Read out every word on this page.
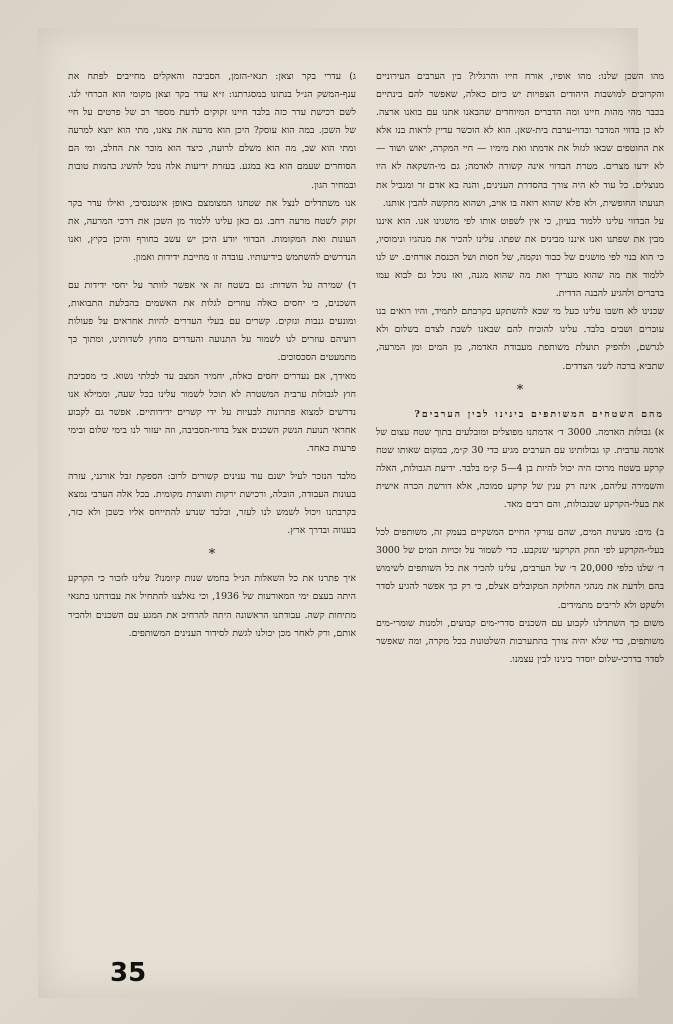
מהו השכן שלנו: מהו אופיו, אורח חייו והרגליו? בין הערבים העירוניים והקרובים למושבות היהודים הצפויות יש כיום כאלה, שאפשר להם בינתיים בכבר מהי מהות חיינו ומה הדברים המיוחדים שהבאנו אתנו עם בואנו ארצה. לא כן בדווי המדבר ובדוי-ערבת בית-שאן. הוא לא הוכשר עדיין לראות בנו אלא את החוטפים שבאו לגזול את אדמתו ואת מימיו — חיי המקרה, יאוש ושוד — לא ידעו מצרים. מטרת הבדווי אינה קשורה לאדמה; גם מי-השקאה לא היו מנוצלים. כל עוד לא היה צורך בהסדרת הענינים, והנה בא אדם זר ומגביל את תנועתו החופשית, ולא פלא שהוא רואה בו אויב, ושהוא מתקשה להבין אותנו.

על הבדווי עלינו ללמוד בעיון, כי אין לשפוט אותו לפי מושגינו אנו. הוא איננו מבין את שפתנו ואנו איננו מבינים את שפתו. עלינו להכיר את מנהגיו ונימוסיו, כי הוא בנוי לפי מושגים של כבוד ונקמה, של חסות ושל הכנסת אורחים. יש לנו ללמוד את מה שהוא מעריך ואת מה שהוא מגנה, ואז נוכל גם לבוא עמו בדברים ולהגיע להבנה הדדית.

שכנינו לא חשבו עלינו כעל מי שבא להשתקע בקרבתם לתמיד, והיו רואים בנו עוברים ושבים בלבד. עלינו להוכיח להם שבאנו לשבת לצדם בשלום ולא לגרשם, ולהפיק תועלת משותפת מעבודת האדמה, מן המים ומן המרעה, שתביא ברכה לשני הצדדים.

*

מהם השטחים המשותפים בינינו לבין הערבים?

א) גבולות האדמה. 3000 ד׳ אדמתנו מפוצלים ומובלעים בתוך שטח עצום של אדמה ערבית. קו גבולותינו עם הערבים מגיע כדי 30 ק״מ, במקום שאותו שטח קרקע בשטח מרוכז היה יכול להיות בן 4—5 ק״מ בלבד. ידיעת הגבולות, האלה והשמירה עליהם, אינה רק ענין של קרקע סמוכה, אלא דורשת הכרה אישית את בעלי-הקרקע שבגבולות, והם רבים מאד.

ב) מים: מעינות המים, שהם עורקי החיים המשקיים בעמק זה, משותפים לכל בעלי-הקרקע לפי החק הקרקעי שנקבע. כדי לשמור על זכויות המים של 3000 ד׳ שלנו כלפי 20,000 ד׳ של הערבים, עלינו להכיר את כל השותפים לשימוש בהם ולדעת את מנהגי החלוקה המקובלים אצלם, כי רק כך אפשר להגיע לסדר ולשקט ולא לריבים מתמידים.

משום כך השתדלנו לקבוע עם השכנים סדרי-מים קבועים, ולמנות שומרי-מים משותפים, כדי שלא יהיה צורך בהתערבות השלטונות בכל מקרה, ומה שאפשר לסדר בדרכי-שלום יוסדר בינינו לבין עצמנו.

ג) עדרי בקר וצאן: תנאי-הזמן, הסביבה והאקלים מחייבים לפתח את ענף-המשק הנ״ל בנתונו במסגרתנו: ז״א עדר בקר וצאן מקומי הוא הכרחי לנו. לשם רכישת עדר כזה בלבד חיינו זקוקים לדעת מספר רב של פרטים על חיי של השכן. במה הוא עוסק? היכן הוא מרעה את צאנו, מתי הוא יוצא למרעה ומתי הוא שב, מה הוא משלם לרועה, כיצד הוא מוכר את החלב, ומי הם הסוחרים שעמם הוא בא במגע. בעזרת ידיעות אלה נוכל להשיג בהמות טובות ובמחיר הגון.

אנו משתדלים לנצל את שטחנו המצומצם באופן אינטנסיבי, ואילו עדר בקר זקוק לשטח מרעה רחב. גם כאן עלינו ללמוד מן השכן את דרכי המרעה, את העונות ואת המקומות. הבדווי יודע היכן יש עשב בחורף והיכן בקיץ, ואנו הנדרשים להשתמש בידיעותיו. עובדה זו מחייבת ידידות ואמון.

ד) שמירה על השדות: גם בשטח זה אי אפשר לוותר על יחסי ידידות עם השכנים, כי יחסים כאלה עוזרים לגלות את האשמים בהבלעת התבואות, ומונעים גנבות ונזקים. קשרים עם בעלי העדרים להיות אחראים על פעולות רועיהם עוזרים לנו לשמור על התנועה והעדרים מחוץ לשדותינו, ומתוך כך מתמעטים הסכסוכים.

מאידך, אם נעדרים יחסים כאלה, יחמיר המצב עד לבלתי נשוא. כי מסביבת חוץ לגבולות ערבית המשטרה לא תוכל לשמור עלינו בכל שעה, וממילא אנו נדרשים למצוא פתרונות לבעיות על ידי קשרים ידידותיים. אפשר גם לקבוע אחראי תנועת הנשק השכנים אצל בדווי-הסביבה, וזה יעזור לנו בימי שלום ובימי פרעות כאחד.

מלבד הנזכר לעיל ישנם עוד ענינים קשורים לרוב: הספקת זבל אורגני, עזרה בעונות העבודה, הובלה, ורכישת ירקות ותוצרת מקומית. בכל אלה הערבי נמצא בקרבתנו ויכול לשמש לנו לעזר, ובלבד שנדע להתייחס אליו כשכן ולא כזר, בענווה ובדרך ארץ.

*

איך פתרנו את כל השאלות הנ״ל בחמש שנות קיומנו? עלינו לזכור כי הקרקע היתה בעצם ימי המאורעות של 1936, וכי נאלצנו להתחיל את עבודתנו בתנאי מתיחות קשה. עבודתנו הראשונה היתה להרחיב את המגע עם השכנים ולהכיר אותם, ורק לאחר מכן יכולנו לגשת לסידור הענינים המשותפים.

35
